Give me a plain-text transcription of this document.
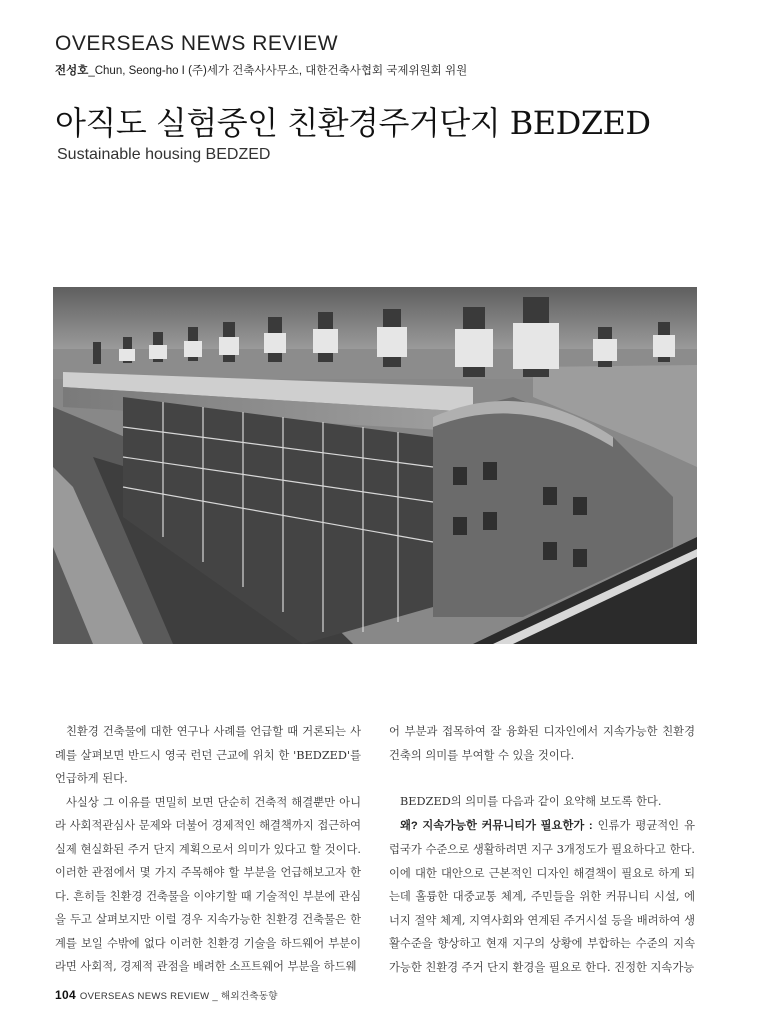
OVERSEAS NEWS REVIEW
전성호_Chun, Seong-ho I (주)세가 건축사사무소, 대한건축사협회 국제위원회 위원
아직도 실험중인 친환경주거단지 BEDZED
Sustainable housing BEDZED

친환경 건축물에 대한 연구나 사례를 언급할 때 거론되는 사례를 살펴보면 반드시 영국 런던 근교에 위치 한 'BEDZED'를 언급하게 된다.

사실상 그 이유를 면밀히 보면 단순히 건축적 해결뿐만 아니라 사회적관심사 문제와 더불어 경제적인 해결책까지 접근하여 실제 현실화된 주거 단지 계획으로서 의미가 있다고 할 것이다. 이러한 관점에서 몇 가지 주목해야 할 부분을 언급해보고자 한다. 흔히들 친환경 건축물을 이야기할 때 기술적인 부분에 관심을 두고 살펴보지만 이럴 경우 지속가능한 친환경 건축물은 한계를 보일 수밖에 없다 이러한 친환경 기술을 하드웨어 부분이라면 사회적, 경제적 관점을 배려한 소프트웨어 부분을 하드웨

어 부분과 접목하여 잘 융화된 디자인에서 지속가능한 친환경 건축의 의미를 부여할 수 있을 것이다.

BEDZED의 의미를 다음과 같이 요약해 보도록 한다.

왜? 지속가능한 커뮤니티가 필요한가 : 인류가 평균적인 유럽국가 수준으로 생활하려면 지구 3개정도가 필요하다고 한다. 이에 대한 대안으로 근본적인 디자인 해결책이 필요로 하게 되는데 훌륭한 대중교통 체계, 주민들을 위한 커뮤니티 시설, 에너지 절약 체계, 지역사회와 연계된 주거시설 등을 배려하여 생활수준을 향상하고 현재 지구의 상황에 부합하는 수준의 지속가능한 친환경 주거 단지 환경을 필요로 한다. 진정한 지속가능

104 OVERSEAS NEWS REVIEW _ 해외건축동향
